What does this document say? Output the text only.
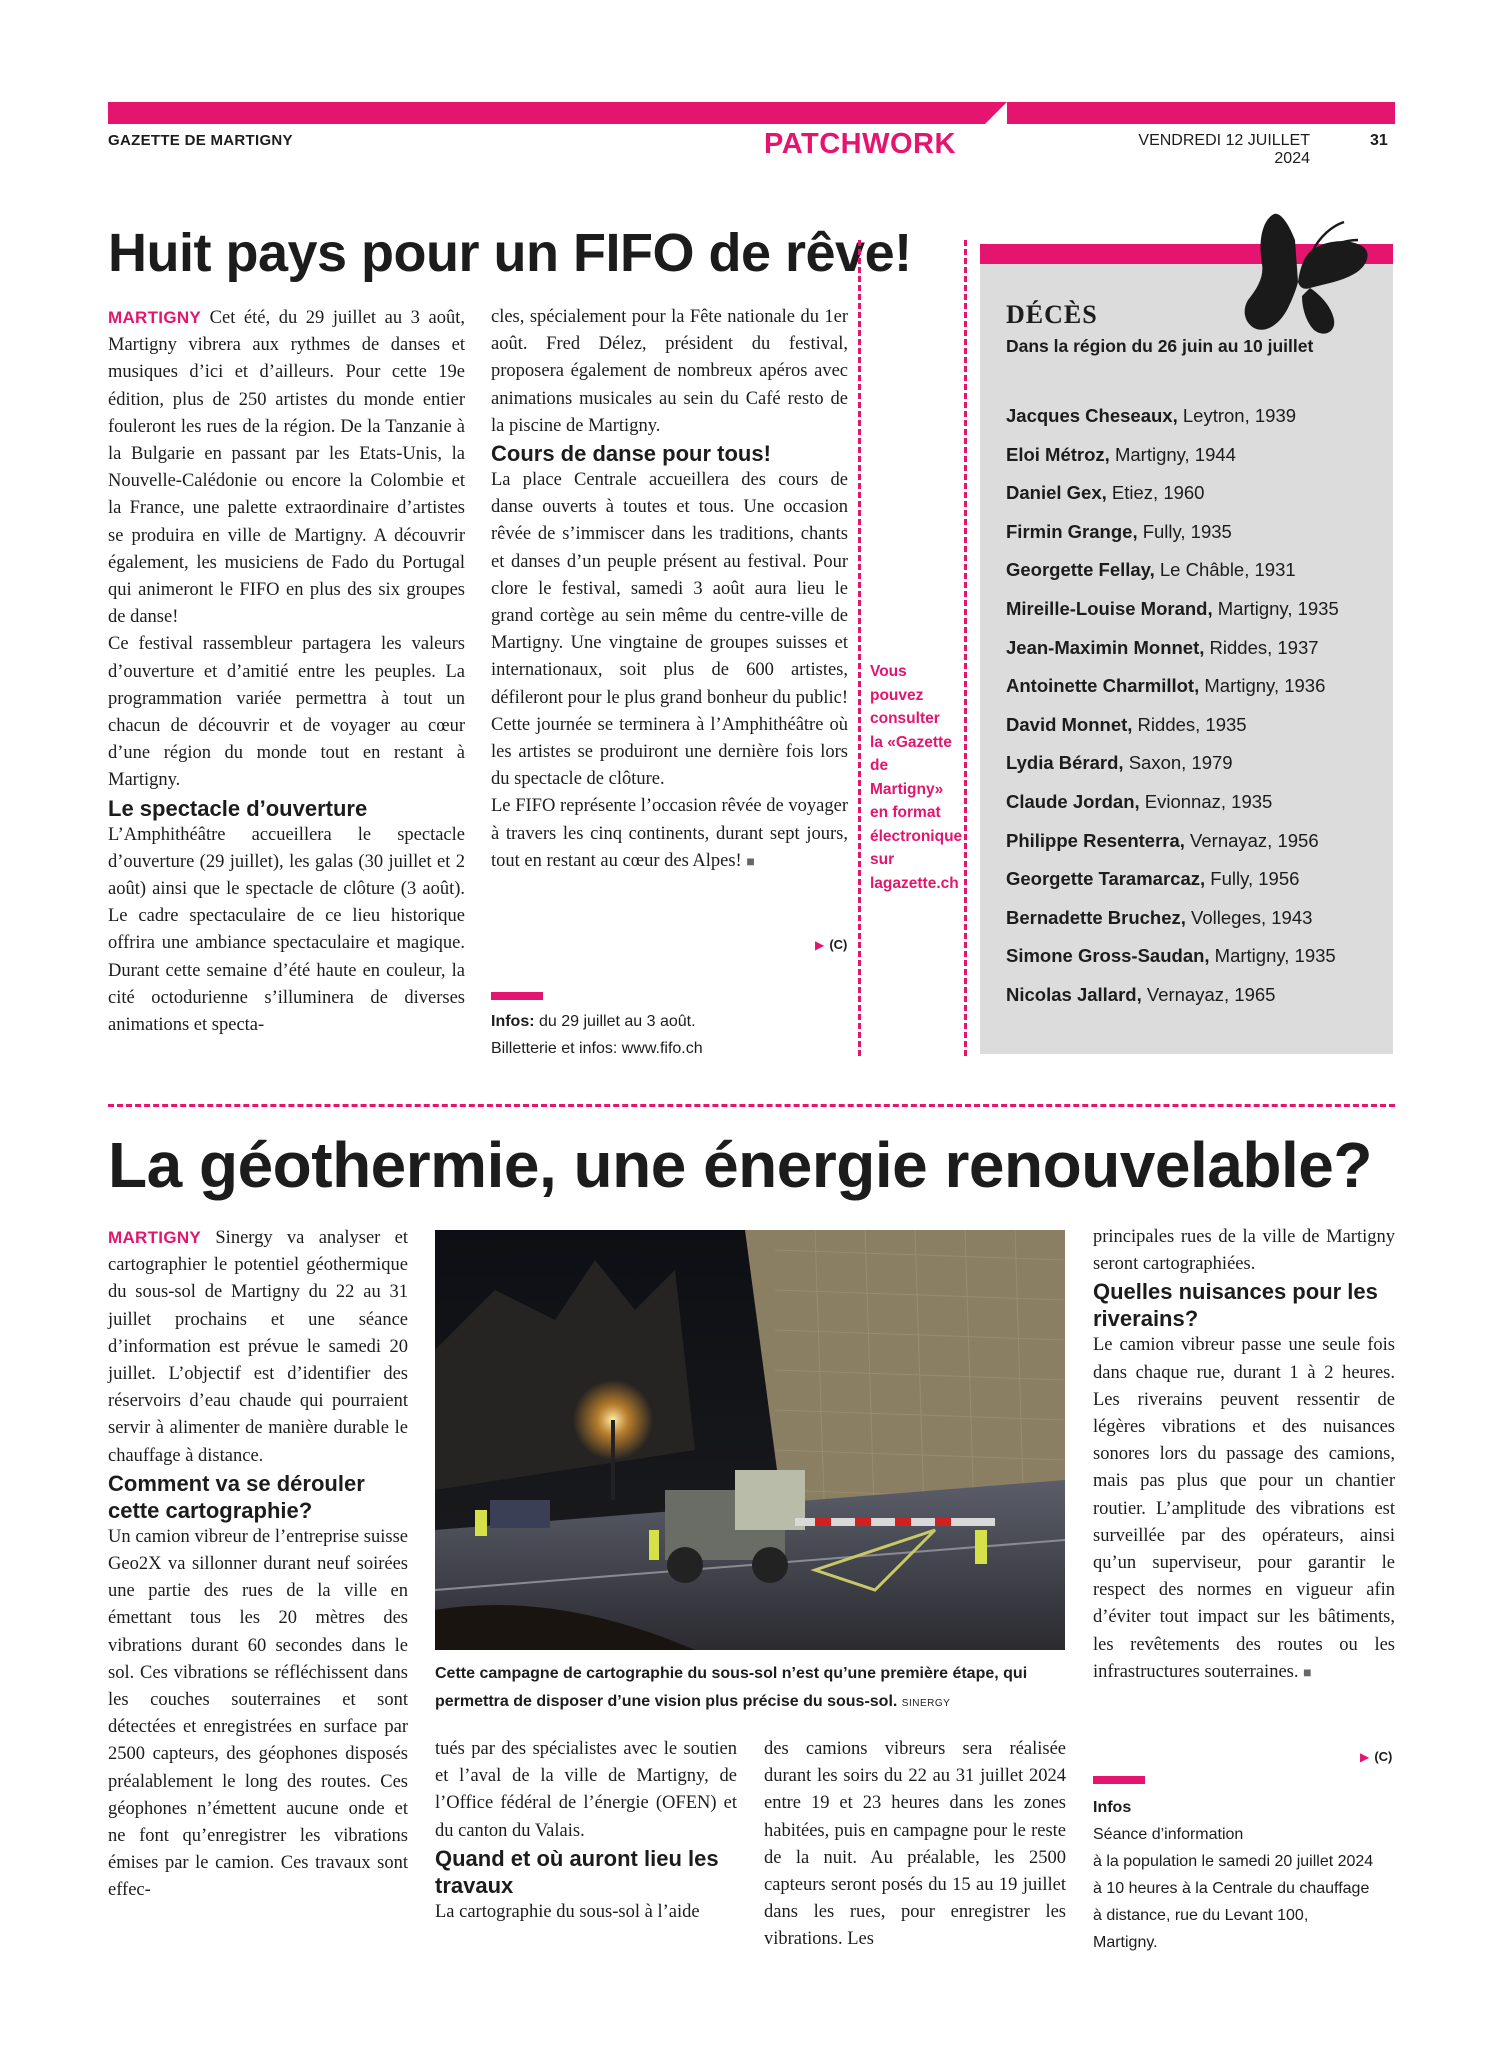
GAZETTE DE MARTIGNY	PATCHWORK	VENDREDI 12 JUILLET 2024
31
Huit pays pour un FIFO de rêve!

MARTIGNY Cet été, du 29 juillet au 3 août, Martigny vibrera aux rythmes de danses et musiques d’ici et d’ailleurs. Pour cette 19e édition, plus de 250 artistes du monde entier fouleront les rues de la région. De la Tanzanie à la Bulgarie en passant par les Etats-Unis, la Nouvelle-Calédonie ou encore la Colombie et la France, une palette extraordinaire d’artistes se produira en ville de Martigny. A découvrir également, les musiciens de Fado du Portugal qui animeront le FIFO en plus des six groupes de danse!

Ce festival rassembleur partagera les valeurs d’ouverture et d’amitié entre les peuples. La programmation variée permettra à tout un chacun de découvrir et de voyager au cœur d’une région du monde tout en restant à Martigny.

Le spectacle d’ouverture

L’Amphithéâtre accueillera le spectacle d’ouverture (29 juillet), les galas (30 juillet et 2 août) ainsi que le spectacle de clôture (3 août). Le cadre spectaculaire de ce lieu historique offrira une ambiance spectaculaire et magique. Durant cette semaine d’été haute en couleur, la cité octodurienne s’illuminera de diverses animations et specta-

cles, spécialement pour la Fête nationale du 1er août. Fred Délez, président du festival, proposera également de nombreux apéros avec animations musicales au sein du Café resto de la piscine de Martigny.

Cours de danse pour tous!

La place Centrale accueillera des cours de danse ouverts à toutes et tous. Une occasion rêvée de s’immiscer dans les traditions, chants et danses d’un peuple présent au festival. Pour clore le festival, samedi 3 août aura lieu le grand cortège au sein même du centre-ville de Martigny. Une vingtaine de groupes suisses et internationaux, soit plus de 600 artistes, défileront pour le plus grand bonheur du public! Cette journée se terminera à l’Amphithéâtre où les artistes se produiront une dernière fois lors du spectacle de clôture.

Le FIFO représente l’occasion rêvée de voyager à travers les cinq continents, durant sept jours, tout en restant au cœur des Alpes! ■

▶ (C)
Infos: du 29 juillet au 3 août.
Billetterie et infos: www.fifo.ch
Vous
pouvez
consulter
la «Gazette
de
Martigny»
en format
électronique
sur
lagazette.ch
DÉCÈS
Dans la région du 26 juin au 10 juillet
Jacques Cheseaux, Leytron, 1939
Eloi Métroz, Martigny, 1944
Daniel Gex, Etiez, 1960
Firmin Grange, Fully, 1935
Georgette Fellay, Le Châble, 1931
Mireille-Louise Morand, Martigny, 1935
Jean-Maximin Monnet, Riddes, 1937
Antoinette Charmillot, Martigny, 1936
David Monnet, Riddes, 1935
Lydia Bérard, Saxon, 1979
Claude Jordan, Evionnaz, 1935
Philippe Resenterra, Vernayaz, 1956
Georgette Taramarcaz, Fully, 1956
Bernadette Bruchez, Volleges, 1943
Simone Gross-Saudan, Martigny, 1935
Nicolas Jallard, Vernayaz, 1965
La géothermie, une énergie renouvelable?

MARTIGNY Sinergy va analyser et cartographier le potentiel géothermique du sous-sol de Martigny du 22 au 31 juillet prochains et une séance d’information est prévue le samedi 20 juillet. L’objectif est d’identifier des réservoirs d’eau chaude qui pourraient servir à alimenter de manière durable le chauffage à distance.

Comment va se dérouler cette cartographie?

Un camion vibreur de l’entreprise suisse Geo2X va sillonner durant neuf soirées une partie des rues de la ville en émettant tous les 20 mètres des vibrations durant 60 secondes dans le sol. Ces vibrations se réfléchissent dans les couches souterraines et sont détectées et enregistrées en surface par 2500 capteurs, des géophones disposés préalablement le long des routes. Ces géophones n’émettent aucune onde et ne font qu’enregistrer les vibrations émises par le camion. Ces travaux sont effec-

Cette campagne de cartographie du sous-sol n’est qu’une première étape, qui permettra de disposer d’une vision plus précise du sous-sol. SINERGY

tués par des spécialistes avec le soutien et l’aval de la ville de Martigny, de l’Office fédéral de l’énergie (OFEN) et du canton du Valais.

Quand et où auront lieu les travaux

La cartographie du sous-sol à l’aide

des camions vibreurs sera réalisée durant les soirs du 22 au 31 juillet 2024 entre 19 et 23 heures dans les zones habitées, puis en campagne pour le reste de la nuit. Au préalable, les 2500 capteurs seront posés du 15 au 19 juillet dans les rues, pour enregistrer les vibrations. Les

principales rues de la ville de Martigny seront cartographiées.

Quelles nuisances pour les riverains?

Le camion vibreur passe une seule fois dans chaque rue, durant 1 à 2 heures. Les riverains peuvent ressentir de légères vibrations et des nuisances sonores lors du passage des camions, mais pas plus que pour un chantier routier. L’amplitude des vibrations est surveillée par des opérateurs, ainsi qu’un superviseur, pour garantir le respect des normes en vigueur afin d’éviter tout impact sur les bâtiments, les revêtements des routes ou les infrastructures souterraines. ■

▶ (C)
Infos
Séance d’information
à la population le samedi 20 juillet 2024
à 10 heures à la Centrale du chauffage
à distance, rue du Levant 100,
Martigny.
